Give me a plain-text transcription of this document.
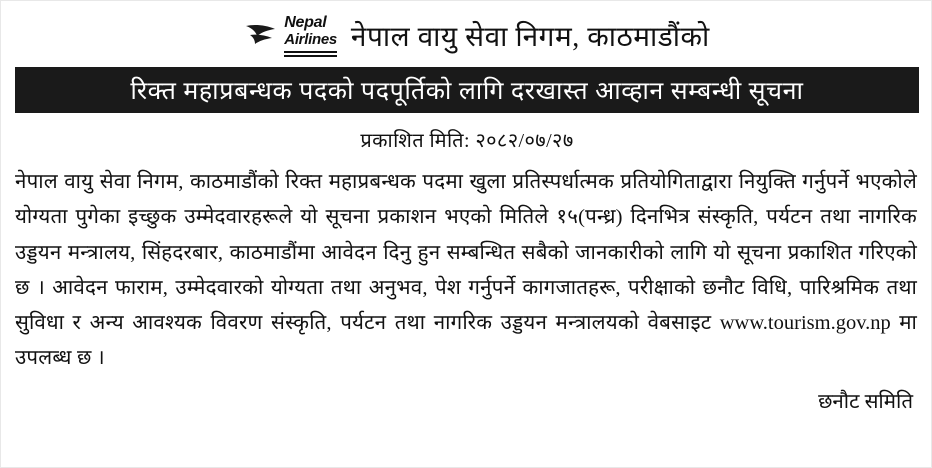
Nepal
Airlines नेपाल वायु सेवा निगम, काठमाडौंको
रिक्त महाप्रबन्धक पदको पदपूर्तिको लागि दरखास्त आव्हान सम्बन्धी सूचना
प्रकाशित मिति: २०८२/०७/२७
नेपाल वायु सेवा निगम, काठमाडौंको रिक्त महाप्रबन्धक पदमा खुला प्रतिस्पर्धात्मक प्रतियोगिताद्वारा नियुक्ति गर्नुपर्ने भएकोले योग्यता पुगेका इच्छुक उम्मेदवारहरूले यो सूचना प्रकाशन भएको मितिले १५(पन्ध्र) दिनभित्र संस्कृति, पर्यटन तथा नागरिक उड्डयन मन्त्रालय, सिंहदरबार, काठमाडौंमा आवेदन दिनु हुन सम्बन्धित सबैको जानकारीको लागि यो सूचना प्रकाशित गरिएको छ । आवेदन फाराम, उम्मेदवारको योग्यता तथा अनुभव, पेश गर्नुपर्ने कागजातहरू, परीक्षाको छनौट विधि, पारिश्रमिक तथा सुविधा र अन्य आवश्यक विवरण संस्कृति, पर्यटन तथा नागरिक उड्डयन मन्त्रालयको वेबसाइट www.tourism.gov.np मा उपलब्ध छ ।
छनौट समिति
